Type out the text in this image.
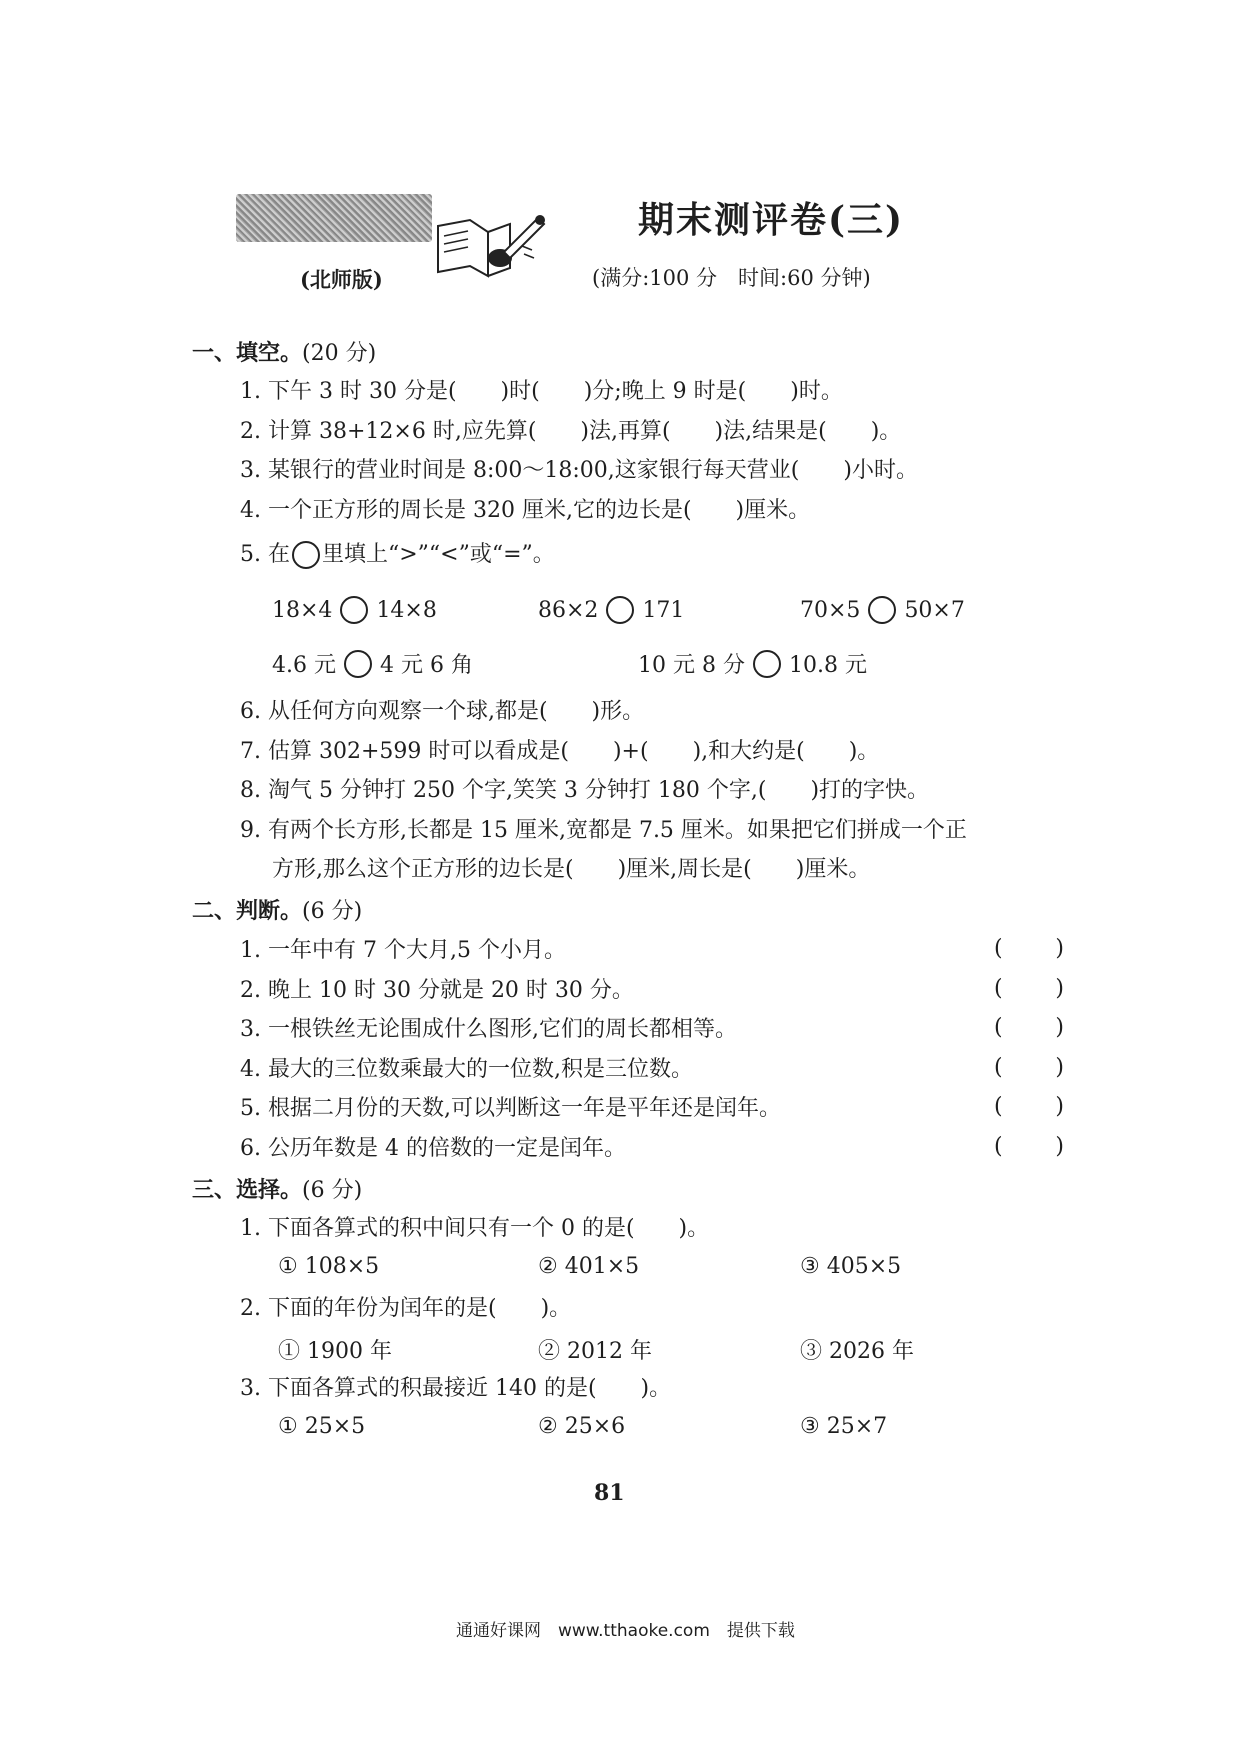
(北师版)
期末测评卷(三)
(满分:100 分　时间:60 分钟)
一、填空。(20 分)
1. 下午 3 时 30 分是(　　)时(　　)分;晚上 9 时是(　　)时。
2. 计算 38+12×6 时,应先算(　　)法,再算(　　)法,结果是(　　)。
3. 某银行的营业时间是 8:00～18:00,这家银行每天营业(　　)小时。
4. 一个正方形的周长是 320 厘米,它的边长是(　　)厘米。
5. 在 里填上“>”“<”或“=”。
18×4 14×8	86×2 171	70×5 50×7
4.6 元 4 元 6 角	10 元 8 分 10.8 元
6. 从任何方向观察一个球,都是(　　)形。
7. 估算 302+599 时可以看成是(　　)+(　　),和大约是(　　)。
8. 淘气 5 分钟打 250 个字,笑笑 3 分钟打 180 个字,(　　)打的字快。
9. 有两个长方形,长都是 15 厘米,宽都是 7.5 厘米。如果把它们拼成一个正
方形,那么这个正方形的边长是(　　)厘米,周长是(　　)厘米。
二、判断。(6 分)
1. 一年中有 7 个大月,5 个小月。	( )
2. 晚上 10 时 30 分就是 20 时 30 分。	( )
3. 一根铁丝无论围成什么图形,它们的周长都相等。	( )
4. 最大的三位数乘最大的一位数,积是三位数。	( )
5. 根据二月份的天数,可以判断这一年是平年还是闰年。	( )
6. 公历年数是 4 的倍数的一定是闰年。	( )
三、选择。(6 分)
1. 下面各算式的积中间只有一个 0 的是(　　)。
① 108×5	② 401×5	③ 405×5
2. 下面的年份为闰年的是(　　)。
① 1900 年	② 2012 年	③ 2026 年
3. 下面各算式的积最接近 140 的是(　　)。
① 25×5	② 25×6	③ 25×7
81
通通好课网　www.tthaoke.com　提供下载
